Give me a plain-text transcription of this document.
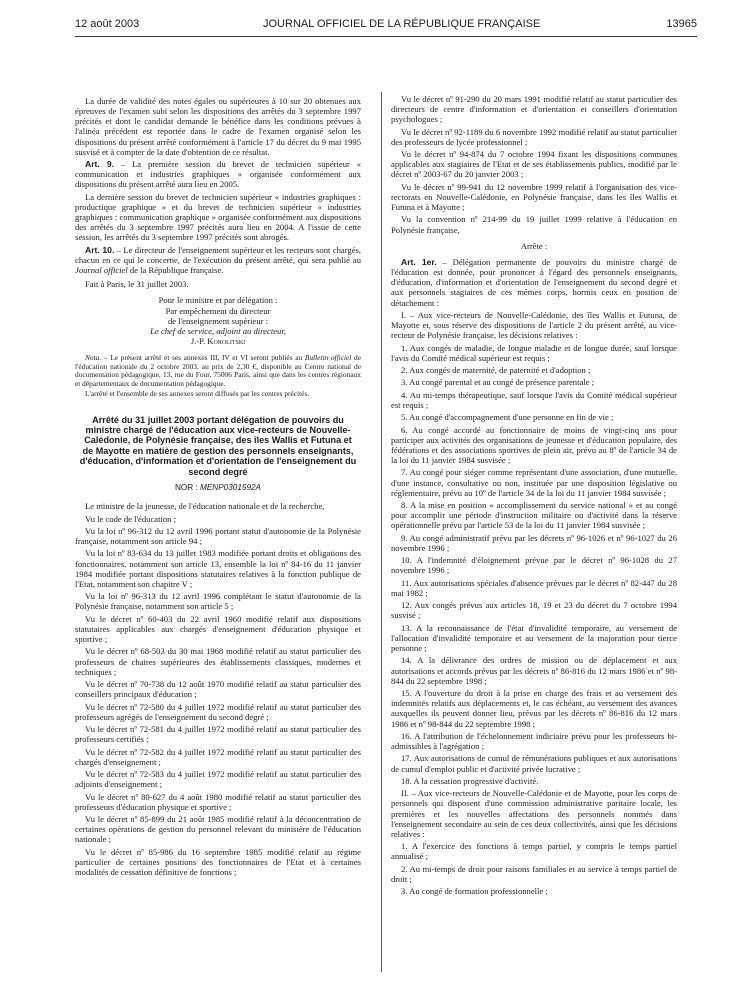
12 août 2003	JOURNAL OFFICIEL DE LA RÉPUBLIQUE FRANÇAISE	13965

La durée de validité des notes égales ou supérieures à 10 sur 20 obtenues aux épreuves de l'examen subi selon les dispositions des arrêtés du 3 septembre 1997 précités et dont le candidat demande le bénéfice dans les conditions prévues à l'alinéa précédent est reportée dans le cadre de l'examen organisé selon les dispositions du présent arrêté conformément à l'article 17 du décret du 9 mai 1995 susvisé et à compter de la date d'obtention de ce résultat.

Art. 9. – La première session du brevet de technicien supérieur « communication et industries graphiques » organisée conformément aux dispositions du présent arrêté aura lieu en 2005.

La dernière session du brevet de technicien supérieur « industries graphiques : productique graphique » et du brevet de technicien supérieur « industries graphiques : communication graphique » organisée conformément aux dispositions des arrêtés du 3 septembre 1997 précités aura lieu en 2004. A l'issue de cette session, les arrêtés du 3 septembre 1997 précités sont abrogés.

Art. 10. – Le directeur de l'enseignement supérieur et les recteurs sont chargés, chacun en ce qui le concerne, de l'exécution du présent arrêté, qui sera publié au Journal officiel de la République française.

Fait à Paris, le 31 juillet 2003.

Pour le ministre et par délégation :
Par empêchement du directeur
de l'enseignement supérieur :
Le chef de service, adjoint au directeur,
J.-P. Korolitski

Nota. – Le présent arrêté et ses annexes III, IV et VI seront publiés au Bulletin officiel de l'éducation nationale du 2 octobre 2003, au prix de 2,30 €, disponible au Centre national de documentation pédagogique, 13, rue du Four, 75006 Paris, ainsi que dans les centres régionaux et départementaux de documentation pédagogique.

L'arrêté et l'ensemble de ses annexes seront diffusés par les centres précités.

Arrêté du 31 juillet 2003 portant délégation de pouvoirs du ministre chargé de l'éducation aux vice-recteurs de Nouvelle-Calédonie, de Polynésie française, des îles Wallis et Futuna et de Mayotte en matière de gestion des personnels enseignants, d'éducation, d'information et d'orientation de l'enseignement du second degré
NOR : MENP0301592A

Le ministre de la jeunesse, de l'éducation nationale et de la recherche,

Vu le code de l'éducation ;

Vu la loi nº 96-312 du 12 avril 1996 portant statut d'autonomie de la Polynésie française, notamment son article 94 ;

Vu la loi nº 83-634 du 13 juillet 1983 modifiée portant droits et obligations des fonctionnaires, notamment son article 13, ensemble la loi nº 84-16 du 11 janvier 1984 modifiée portant dispositions statutaires relatives à la fonction publique de l'Etat, notamment son chapitre V ;

Vu la loi nº 96-313 du 12 avril 1996 complétant le statut d'autonomie de la Polynésie française, notamment son article 5 ;

Vu le décret nº 60-403 du 22 avril 1960 modifié relatif aux dispositions statutaires applicables aux chargés d'enseignement d'éducation physique et sportive ;

Vu le décret nº 68-503 du 30 mai 1968 modifié relatif au statut particulier des professeurs de chaires supérieures des établissements classiques, modernes et techniques ;

Vu le décret nº 70-738 du 12 août 1970 modifié relatif au statut particulier des conseillers principaux d'éducation ;

Vu le décret nº 72-580 du 4 juillet 1972 modifié relatif au statut particulier des professeurs agrégés de l'enseignement du second degré ;

Vu le décret nº 72-581 du 4 juillet 1972 modifié relatif au statut particulier des professeurs certifiés ;

Vu le décret nº 72-582 du 4 juillet 1972 modifié relatif au statut particulier des chargés d'enseignement ;

Vu le décret nº 72-583 du 4 juillet 1972 modifié relatif au statut particulier des adjoints d'enseignement ;

Vu le décret nº 80-627 du 4 août 1980 modifié relatif au statut particulier des professeurs d'éducation physique et sportive ;

Vu le décret nº 85-899 du 21 août 1985 modifié relatif à la déconcentration de certaines opérations de gestion du personnel relevant du ministère de l'éducation nationale ;

Vu le décret nº 85-986 du 16 septembre 1985 modifié relatif au régime particulier de certaines positions des fonctionnaires de l'Etat et à certaines modalités de cessation définitive de fonctions ;

Vu le décret nº 91-290 du 20 mars 1991 modifié relatif au statut particulier des directeurs de centre d'information et d'orientation et conseillers d'orientation psychologues ;

Vu le décret nº 92-1189 du 6 novembre 1992 modifié relatif au statut particulier des professeurs de lycée professionnel ;

Vu le décret nº 94-874 du 7 octobre 1994 fixant les dispositions communes applicables aux stagiaires de l'Etat et de ses établissements publics, modifié par le décret nº 2003-67 du 20 janvier 2003 ;

Vu le décret nº 99-941 du 12 novembre 1999 relatif à l'organisation des vice-rectorats en Nouvelle-Calédonie, en Polynésie française, dans les îles Wallis et Futuna et à Mayotte ;

Vu la convention nº 214-99 du 19 juillet 1999 relative à l'éducation en Polynésie française,

Arrête :

Art. 1er. – Délégation permanente de pouvoirs du ministre chargé de l'éducation est donnée, pour prononcer à l'égard des personnels enseignants, d'éducation, d'information et d'orientation de l'enseignement du second degré et aux personnels stagiaires de ces mêmes corps, hormis ceux en position de détachement :

I. – Aux vice-recteurs de Nouvelle-Calédonie, des îles Wallis et Futuna, de Mayotte et, sous réserve des dispositions de l'article 2 du présent arrêté, au vice-recteur de Polynésie française, les décisions relatives :

1. Aux congés de maladie, de longue maladie et de longue durée, sauf lorsque l'avis du Comité médical supérieur est requis ;

2. Aux congés de maternité, de paternité et d'adoption ;

3. Au congé parental et au congé de présence parentale ;

4. Au mi-temps thérapeutique, sauf lorsque l'avis du Comité médical supérieur est requis ;

5. Au congé d'accompagnement d'une personne en fin de vie ;

6. Au congé accordé au fonctionnaire de moins de vingt-cinq ans pour participer aux activités des organisations de jeunesse et d'éducation populaire, des fédérations et des associations sportives de plein air, prévu au 8º de l'article 34 de la loi du 11 janvier 1984 susvisée ;

7. Au congé pour siéger comme représentant d'une association, d'une mutuelle, d'une instance, consultative ou non, instituée par une disposition législative ou réglementaire, prévu au 10º de l'article 34 de la loi du 11 janvier 1984 susvisée ;

8. A la mise en position « accomplissement du service national » et au congé pour accomplir une période d'instruction militaire ou d'activité dans la réserve opérationnelle prévu par l'article 53 de la loi du 11 janvier 1984 susvisée ;

9. Au congé administratif prévu par les décrets nº 96-1026 et nº 96-1027 du 26 novembre 1996 ;

10. A l'indemnité d'éloignement prévue par le décret nº 96-1028 du 27 novembre 1996 ;

11. Aux autorisations spéciales d'absence prévues par le décret nº 82-447 du 28 mai 1982 ;

12. Aux congés prévus aux articles 18, 19 et 23 du décret du 7 octobre 1994 susvisé ;

13. A la reconnaissance de l'état d'invalidité temporaire, au versement de l'allocation d'invalidité temporaire et au versement de la majoration pour tierce personne ;

14. A la délivrance des ordres de mission ou de déplacement et aux autorisations et accords prévus par les décrets nº 86-816 du 12 mars 1986 et nº 98-844 du 22 septembre 1998 ;

15. A l'ouverture du droit à la prise en charge des frais et au versement des indemnités relatifs aux déplacements et, le cas échéant, au versement des avances auxquelles ils peuvent donner lieu, prévus par les décrets nº 86-816 du 12 mars 1986 et nº 98-844 du 22 septembre 1998 ;

16. A l'attribution de l'échelonnement indiciaire prévu pour les professeurs bi-admissibles à l'agrégation ;

17. Aux autorisations de cumul de rémunérations publiques et aux autorisations de cumul d'emploi public et d'activité privée lucrative ;

18. A la cessation progressive d'activité.

II. – Aux vice-recteurs de Nouvelle-Calédonie et de Mayotte, pour les corps de personnels qui disposent d'une commission administrative paritaire locale, les premières et les nouvelles affectations des personnels nommés dans l'enseignement secondaire au sein de ces deux collectivités, ainsi que les décisions relatives :

1. A l'exercice des fonctions à temps partiel, y compris le temps partiel annualisé ;

2. Au mi-temps de droit pour raisons familiales et au service à temps partiel de droit ;

3. Au congé de formation professionnelle ;
